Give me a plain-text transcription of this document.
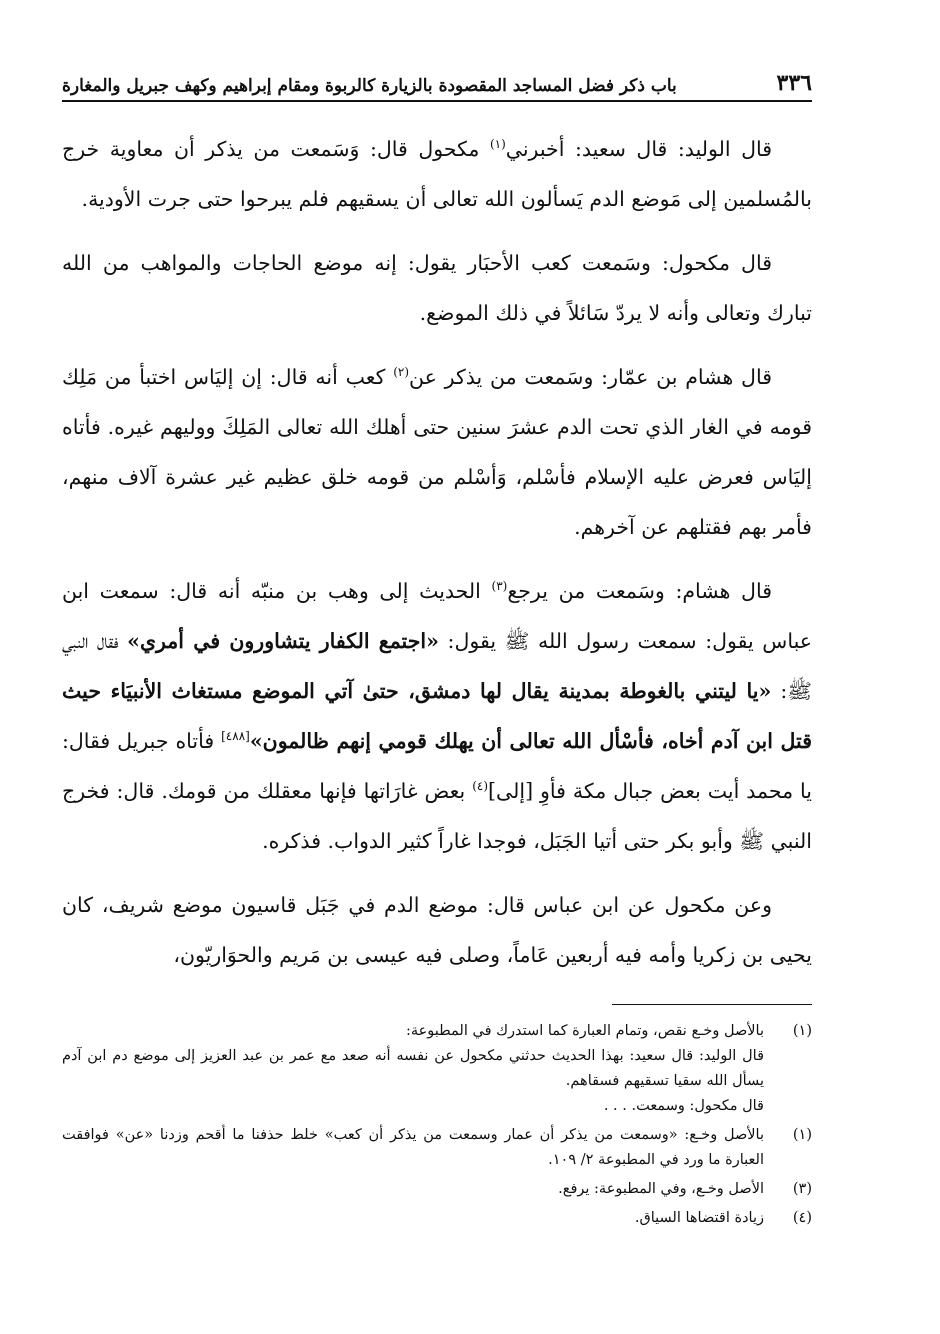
٣٣٦
باب ذكر فضل المساجد المقصودة بالزيارة كالربوة ومقام إبراهيم وكهف جبريل والمغارة

قال الوليد: قال سعيد: أخبرني$^{(١)}$ مكحول قال: وَسَمعت من يذكر أن معاوية خرج بالمُسلمين إلى مَوضع الدم يَسألون الله تعالى أن يسقيهم فلم يبرحوا حتى جرت الأودية.

قال مكحول: وسَمعت كعب الأحبَار يقول: إنه موضع الحاجات والمواهب من الله تبارك وتعالى وأنه لا يردّ سَائلاً في ذلك الموضع.

قال هشام بن عمّار: وسَمعت من يذكر عن$^{(٢)}$ كعب أنه قال: إن إليَاس اختبأ من مَلِك قومه في الغار الذي تحت الدم عشرَ سنين حتى أهلك الله تعالى المَلِكَ ووليهم غيره. فأتاه إليَاس فعرض عليه الإسلام فأسْلم، وَأسْلم من قومه خلق عظيم غير عشرة آلاف منهم، فأمر بهم فقتلهم عن آخرهم.

قال هشام: وسَمعت من يرجع$^{(٣)}$ الحديث إلى وهب بن منبّه أنه قال: سمعت ابن عباس يقول: سمعت رسول الله ﷺ يقول: «اجتمع الكفار يتشاورون في أمري» فقال النبي ﷺ: «يا ليتني بالغوطة بمدينة يقال لها دمشق، حتىٰ آتي الموضع مستغاث الأنبيَاء حيث قتل ابن آدم أخاه، فأسْأل الله تعالى أن يهلك قومي إنهم ظالمون»[٤٨٨] فأتاه جبريل فقال: يا محمد أيت بعض جبال مكة فأوِ [إلى]$^{(٤)}$ بعض غارَاتها فإنها معقلك من قومك. قال: فخرج النبي ﷺ وأبو بكر حتى أتيا الجَبَل، فوجدا غاراً كثير الدواب. فذكره.

وعن مكحول عن ابن عباس قال: موضع الدم في جَبَل قاسيون موضع شريف، كان يحيى بن زكريا وأمه فيه أربعين عَاماً، وصلى فيه عيسى بن مَريم والحوَاريّون،

(١)
بالأصل وخـع نقص، وتمام العبارة كما استدرك في المطبوعة:
قال الوليد: قال سعيد: بهذا الحديث حدثني مكحول عن نفسه أنه صعد مع عمر بن عبد العزيز إلى موضع دم ابن آدم يسأل الله سقيا تسقيهم فسقاهم.
قال مكحول: وسمعت. . . .
(١)
بالأصل وخـع: «وسمعت من يذكر أن عمار وسمعت من يذكر أن كعب» خلط حذفنا ما أقحم وزدنا «عن» فوافقت العبارة ما ورد في المطبوعة ٢/ ١٠٩.
(٣)
الأصل وخـع، وفي المطبوعة: يرفع.
(٤)
زيادة اقتضاها السياق.
